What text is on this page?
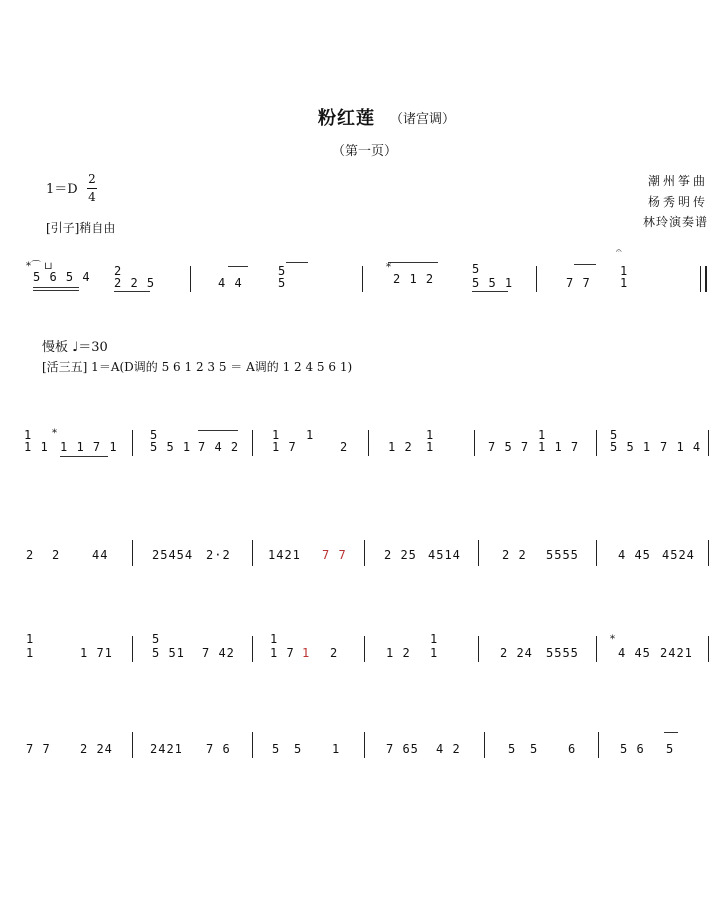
粉红莲 （诸宫调）
（第一页）
1＝D
2
4
潮州筝曲
杨秀明传
林玲演奏谱
[引子]稍自由
*⌒ ⊔
5 6 5 4 2
2 2 5	4 4
5
5
*
2 1 2
5
5 5 1	7 7
𝄐
1
1
慢板 ♩＝30
[活三五] 1＝A(D调的 5 6 1 2 3 5 ＝ A调的 1 2 4 5 6 1)
1
1 1
*
1 1 7 1
5
5 5 1 7 4 2
1
1 7
1
2	1 2
1
1	7 5 7
1
1 1 7
5
5 5 1 7 1 4
2 2	44	25454 2·2	1421 7 7	2 25 4514	2 2 5555	4 45 4524
1
1	1 71
5
5 51 7 42
1
1 7 1 2	1 2
1
1	2 24 5555
*
4 45 2421
7 7 2 24	2421 7 6	5 5 1	7 65 4 2	5 5 6	5 6 5
